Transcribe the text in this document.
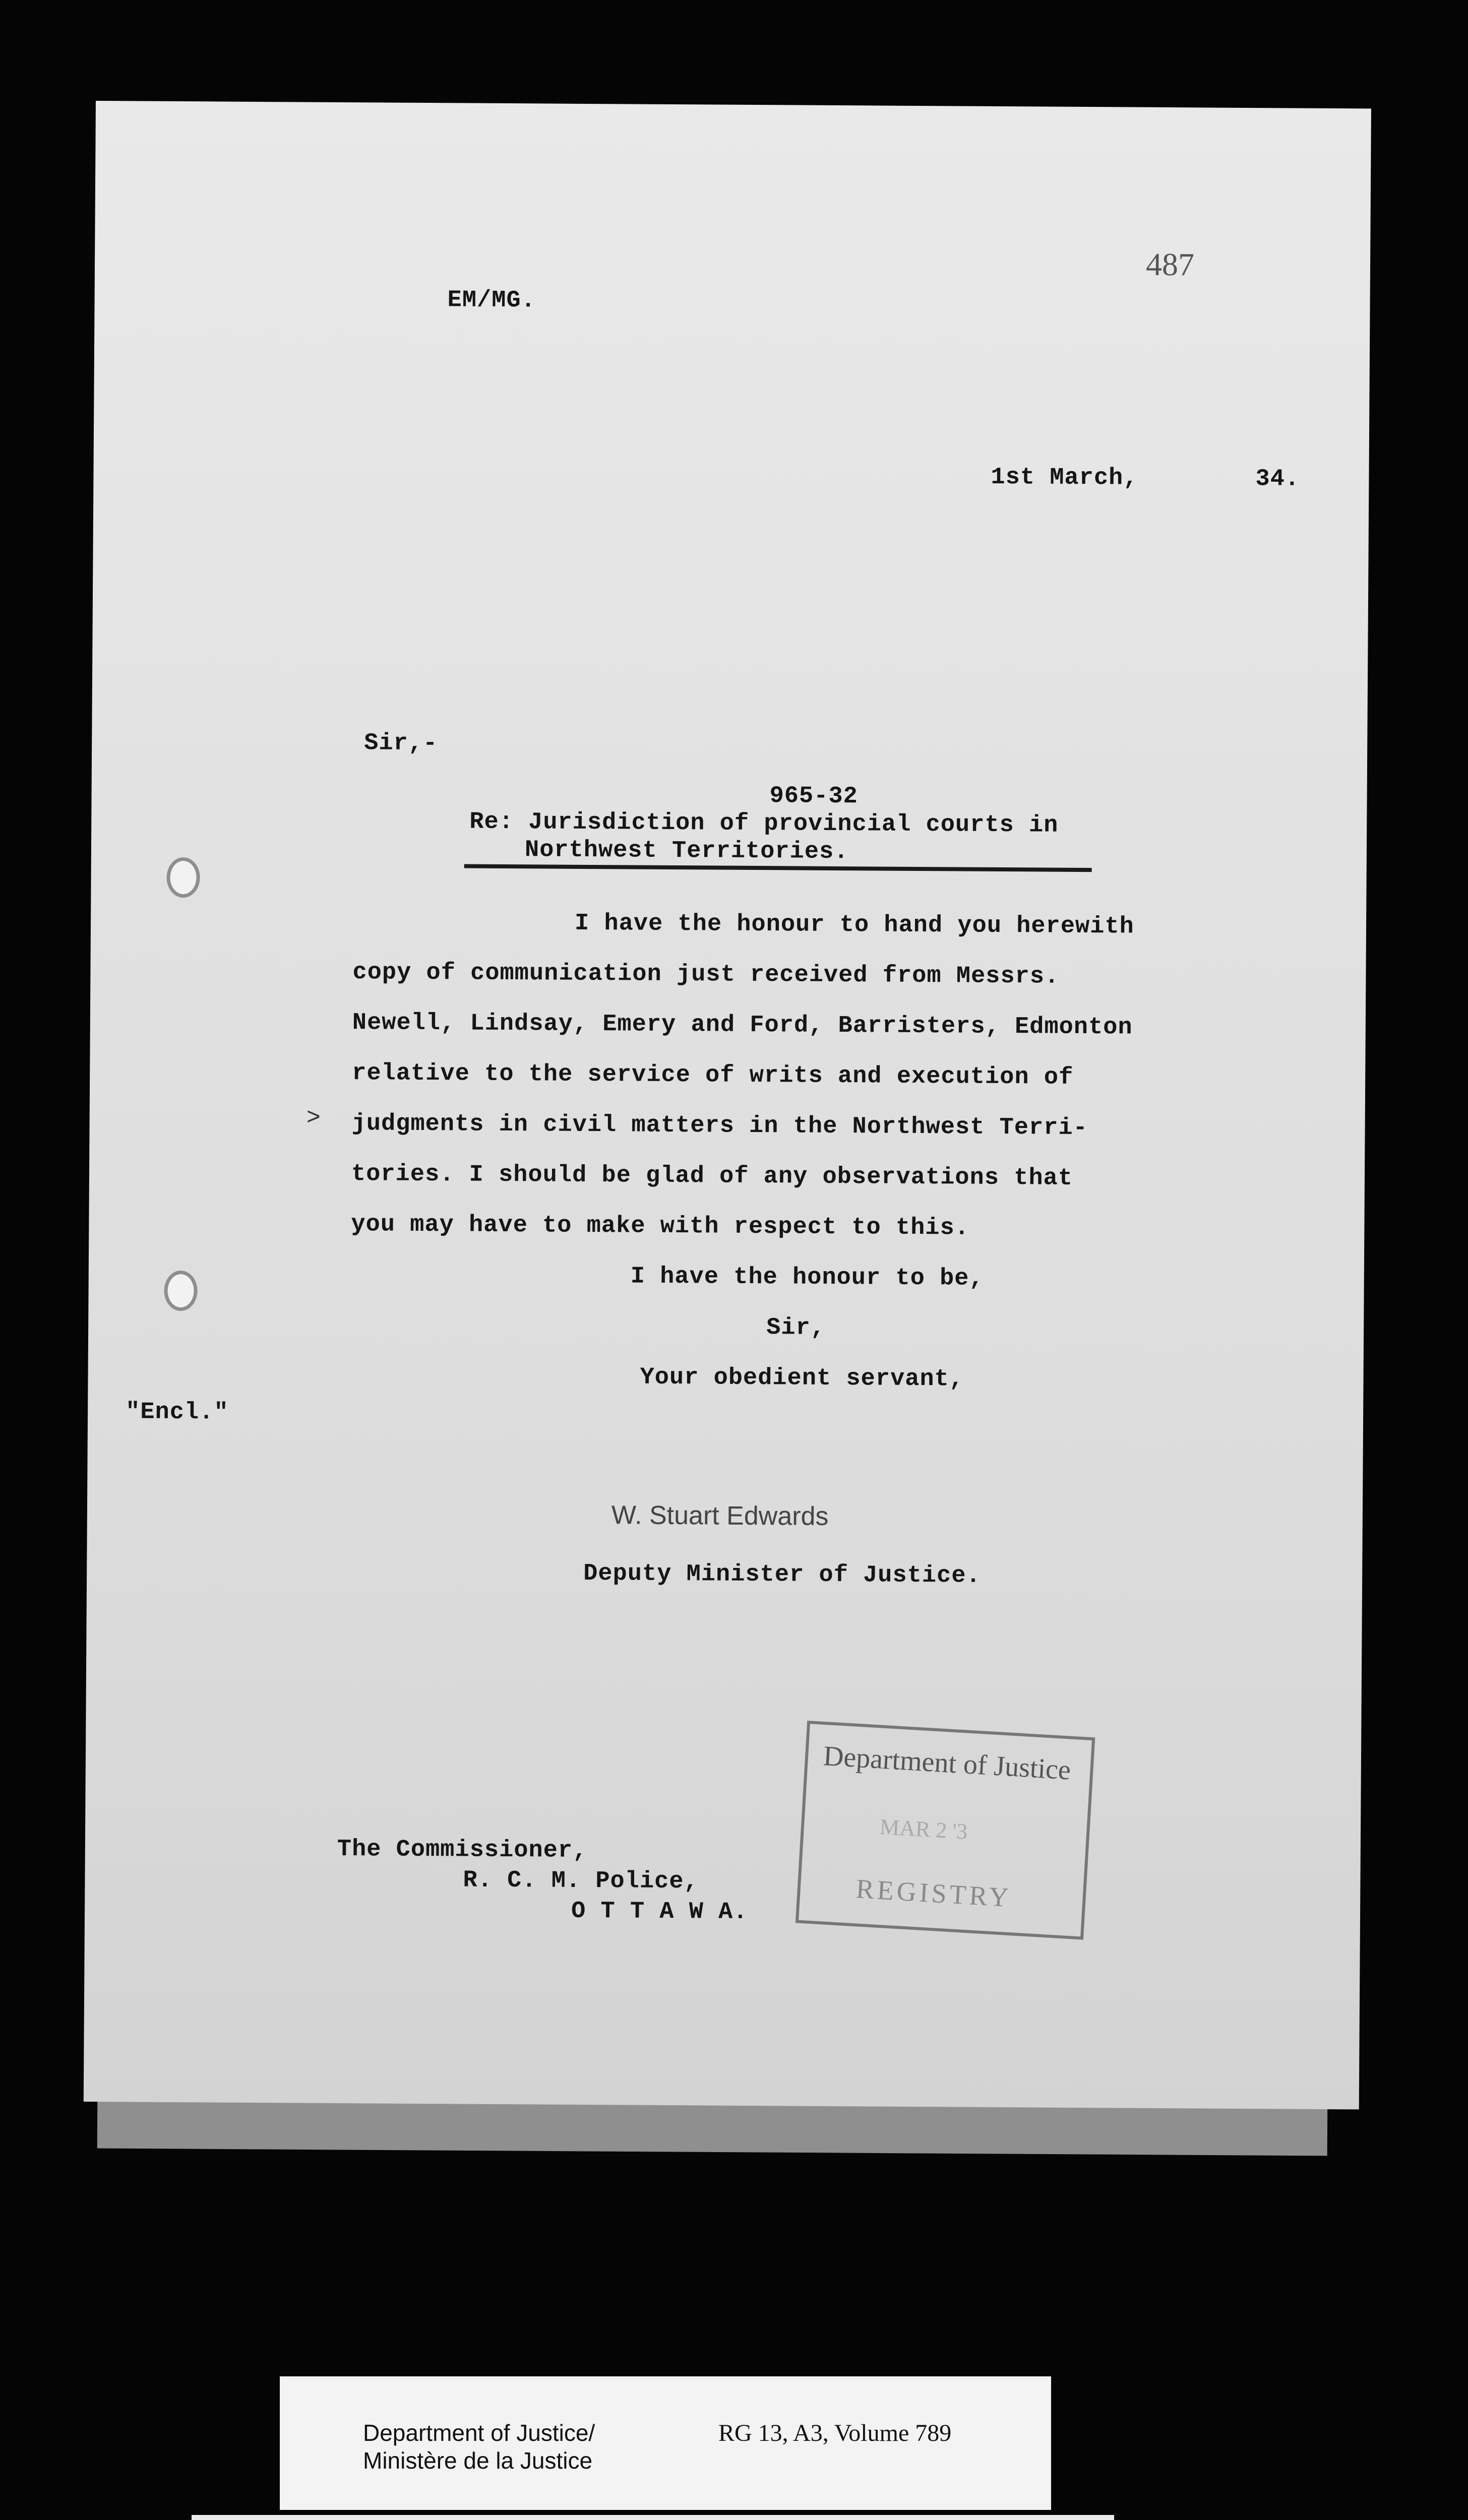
487
EM/MG.
1st March,	34.
Sir,-
965-32
Re: Jurisdiction of provincial courts in
Northwest Territories.
I have the honour to hand you herewith
copy of communication just received from Messrs.
Newell, Lindsay, Emery and Ford, Barristers, Edmonton
relative to the service of writs and execution of
> judgments in civil matters in the Northwest Terri-
tories. I should be glad of any observations that
you may have to make with respect to this.
I have the honour to be,
Sir,
Your obedient servant,
"Encl."
W. Stuart Edwards
Deputy Minister of Justice.
The Commissioner,
R. C. M. Police,
O T T A W A.
Department of Justice
MAR 2 '3
REGISTRY
Department of Justice/
Ministère de la Justice
RG 13, A3, Volume 789
